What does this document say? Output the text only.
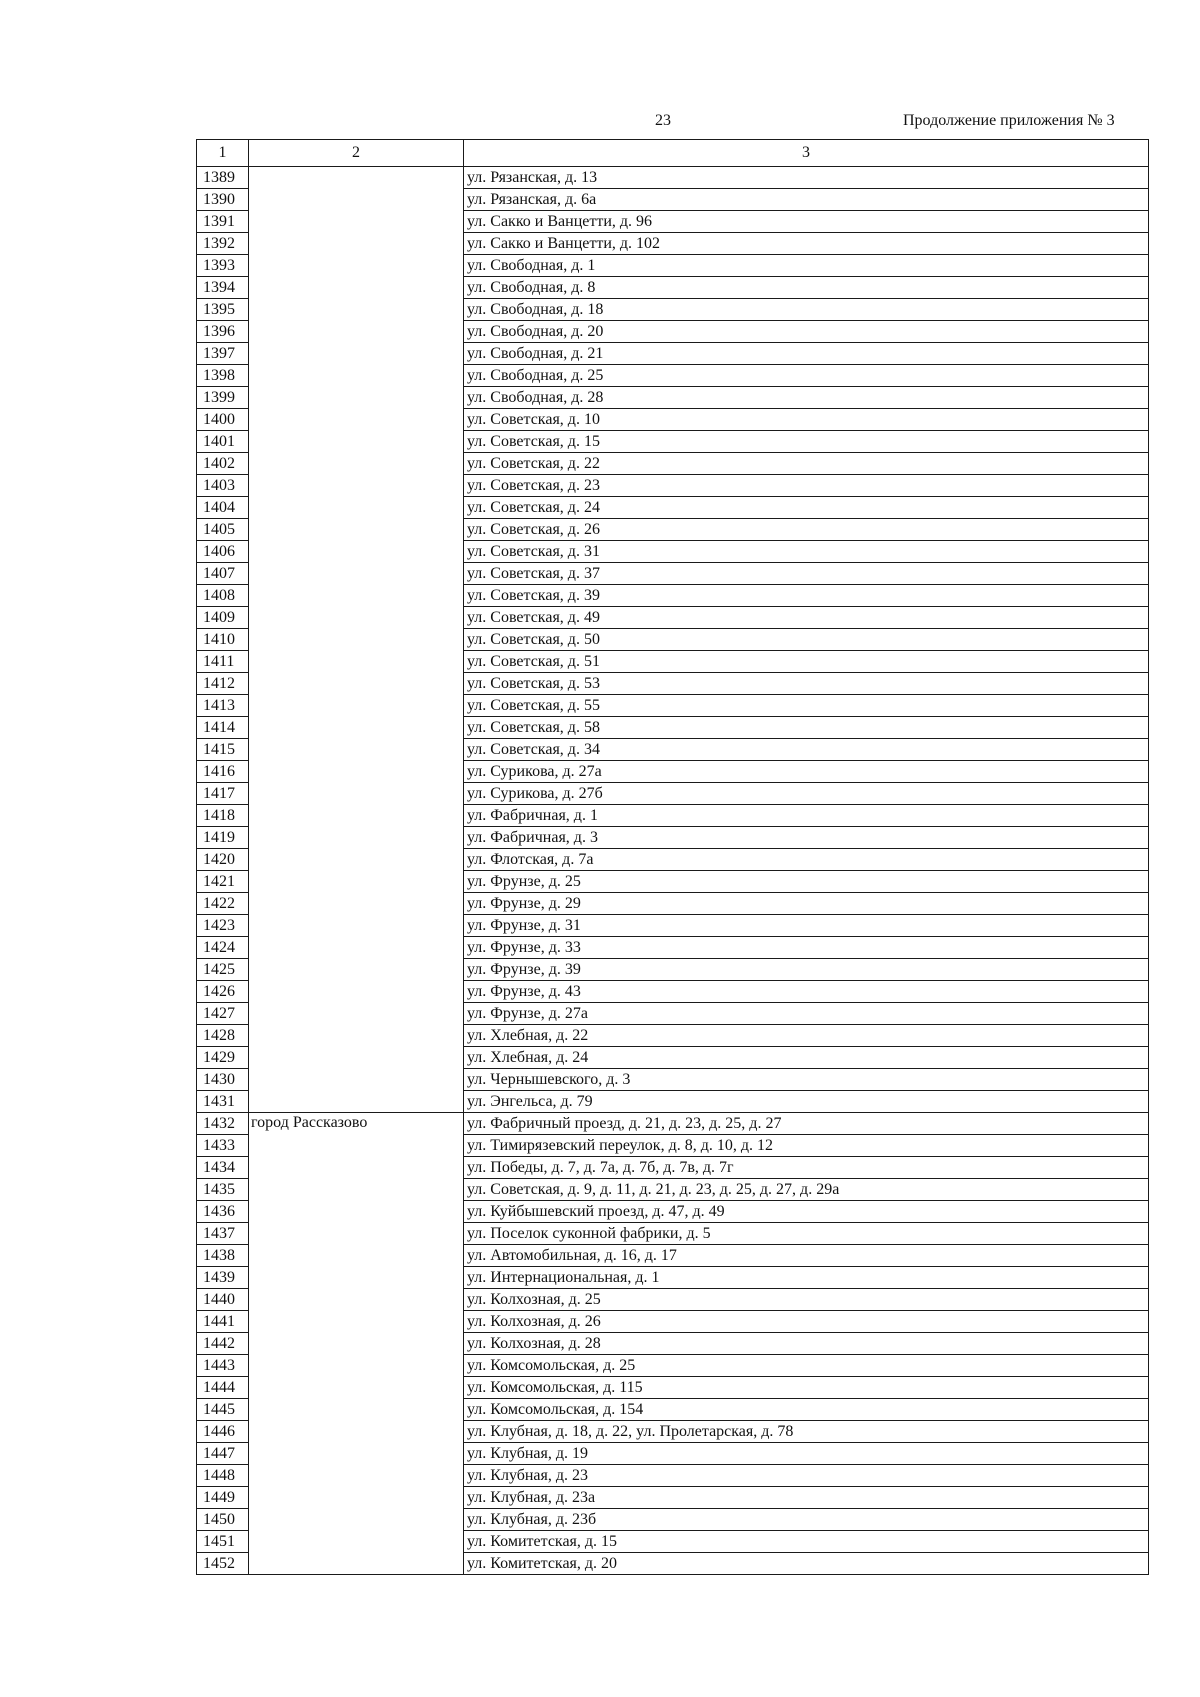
23	Продолжение приложения № 3
1	2	3
1389		ул. Рязанская, д. 13
1390		ул. Рязанская, д. 6а
1391		ул. Сакко и Ванцетти, д. 96
1392		ул. Сакко и Ванцетти, д. 102
1393		ул. Свободная, д. 1
1394		ул. Свободная, д. 8
1395		ул. Свободная, д. 18
1396		ул. Свободная, д. 20
1397		ул. Свободная, д. 21
1398		ул. Свободная, д. 25
1399		ул. Свободная, д. 28
1400		ул. Советская, д. 10
1401		ул. Советская, д. 15
1402		ул. Советская, д. 22
1403		ул. Советская, д. 23
1404		ул. Советская, д. 24
1405		ул. Советская, д. 26
1406		ул. Советская, д. 31
1407		ул. Советская, д. 37
1408		ул. Советская, д. 39
1409		ул. Советская, д. 49
1410		ул. Советская, д. 50
1411		ул. Советская, д. 51
1412		ул. Советская, д. 53
1413		ул. Советская, д. 55
1414		ул. Советская, д. 58
1415		ул. Советская, д. 34
1416		ул. Сурикова, д. 27а
1417		ул. Сурикова, д. 27б
1418		ул. Фабричная, д. 1
1419		ул. Фабричная, д. 3
1420		ул. Флотская, д. 7а
1421		ул. Фрунзе, д. 25
1422		ул. Фрунзе, д. 29
1423		ул. Фрунзе, д. 31
1424		ул. Фрунзе, д. 33
1425		ул. Фрунзе, д. 39
1426		ул. Фрунзе, д. 43
1427		ул. Фрунзе, д. 27а
1428		ул. Хлебная, д. 22
1429		ул. Хлебная, д. 24
1430		ул. Чернышевского, д. 3
1431		ул. Энгельса, д. 79
1432	город Рассказово	ул. Фабричный проезд, д. 21, д. 23, д. 25, д. 27
1433		ул. Тимирязевский переулок, д. 8, д. 10, д. 12
1434		ул. Победы, д. 7, д. 7а, д. 7б, д. 7в, д. 7г
1435		ул. Советская, д. 9, д. 11, д. 21, д. 23, д. 25, д. 27, д. 29а
1436		ул. Куйбышевский проезд, д. 47, д. 49
1437		ул. Поселок суконной фабрики, д. 5
1438		ул. Автомобильная, д. 16, д. 17
1439		ул. Интернациональная, д. 1
1440		ул. Колхозная, д. 25
1441		ул. Колхозная, д. 26
1442		ул. Колхозная, д. 28
1443		ул. Комсомольская, д. 25
1444		ул. Комсомольская, д. 115
1445		ул. Комсомольская, д. 154
1446		ул. Клубная, д. 18, д. 22, ул. Пролетарская, д. 78
1447		ул. Клубная, д. 19
1448		ул. Клубная, д. 23
1449		ул. Клубная, д. 23а
1450		ул. Клубная, д. 23б
1451		ул. Комитетская, д. 15
1452		ул. Комитетская, д. 20
